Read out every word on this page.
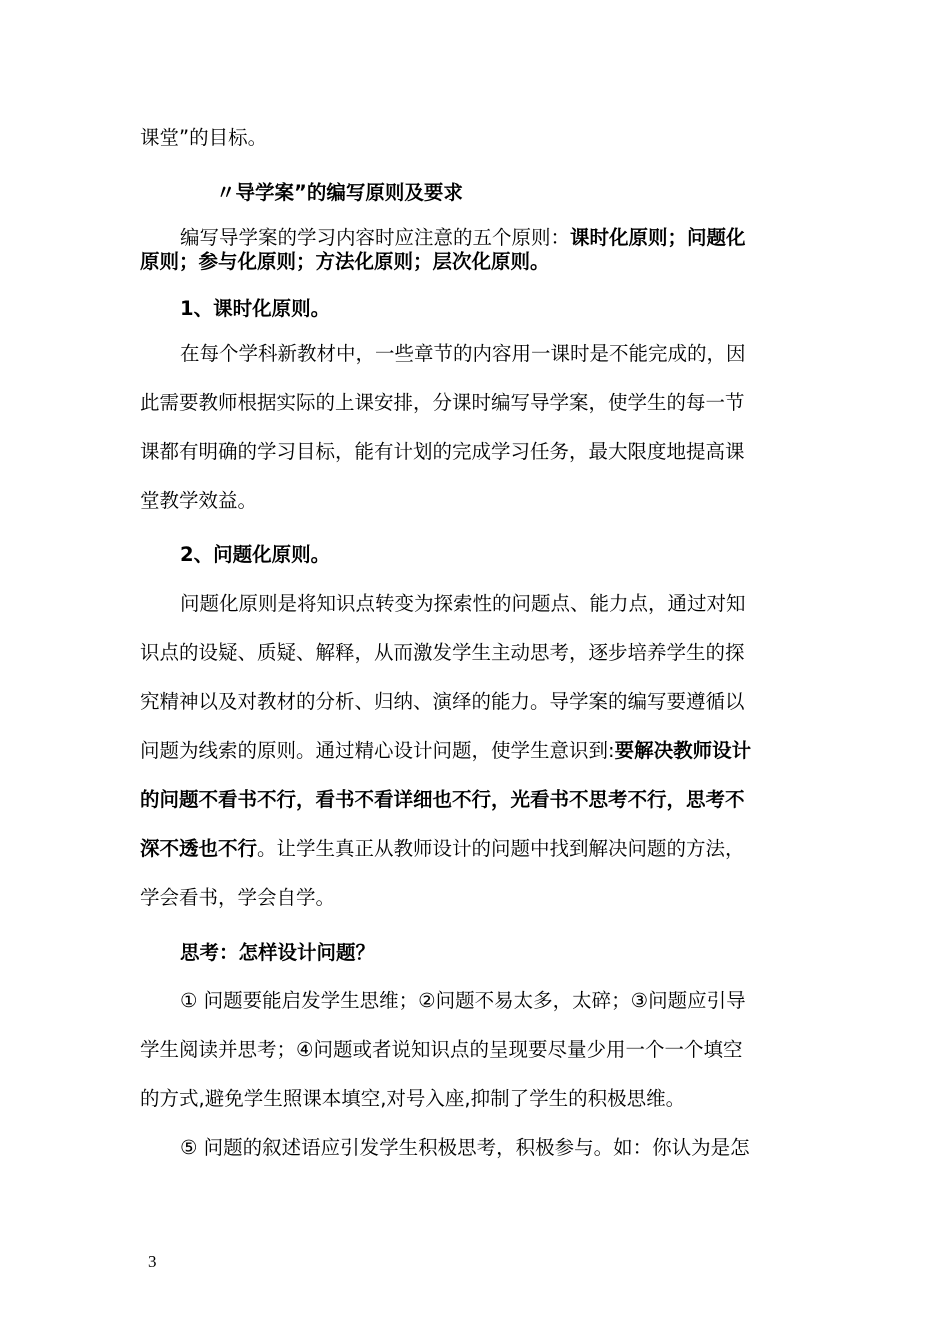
课堂”的目标。
〃导学案”的编写原则及要求
编写导学案的学习内容时应注意的五个原则：课时化原则；问题化
原则；参与化原则；方法化原则；层次化原则。
1、课时化原则。
在每个学科新教材中，一些章节的内容用一课时是不能完成的，因
此需要教师根据实际的上课安排，分课时编写导学案，使学生的每一节
课都有明确的学习目标，能有计划的完成学习任务，最大限度地提高课
堂教学效益。
2、问题化原则。
问题化原则是将知识点转变为探索性的问题点、能力点，通过对知
识点的设疑、质疑、解释，从而激发学生主动思考，逐步培养学生的探
究精神以及对教材的分析、归纳、演绎的能力。导学案的编写要遵循以
问题为线索的原则。通过精心设计问题，使学生意识到:要解决教师设计
的问题不看书不行，看书不看详细也不行，光看书不思考不行，思考不
深不透也不行。让学生真正从教师设计的问题中找到解决问题的方法，
学会看书，学会自学。
思考：怎样设计问题？
① 问题要能启发学生思维；②问题不易太多，太碎；③问题应引导
学生阅读并思考；④问题或者说知识点的呈现要尽量少用一个一个填空
的方式,避免学生照课本填空,对号入座,抑制了学生的积极思维。
⑤ 问题的叙述语应引发学生积极思考，积极参与。如：你认为是怎
3
